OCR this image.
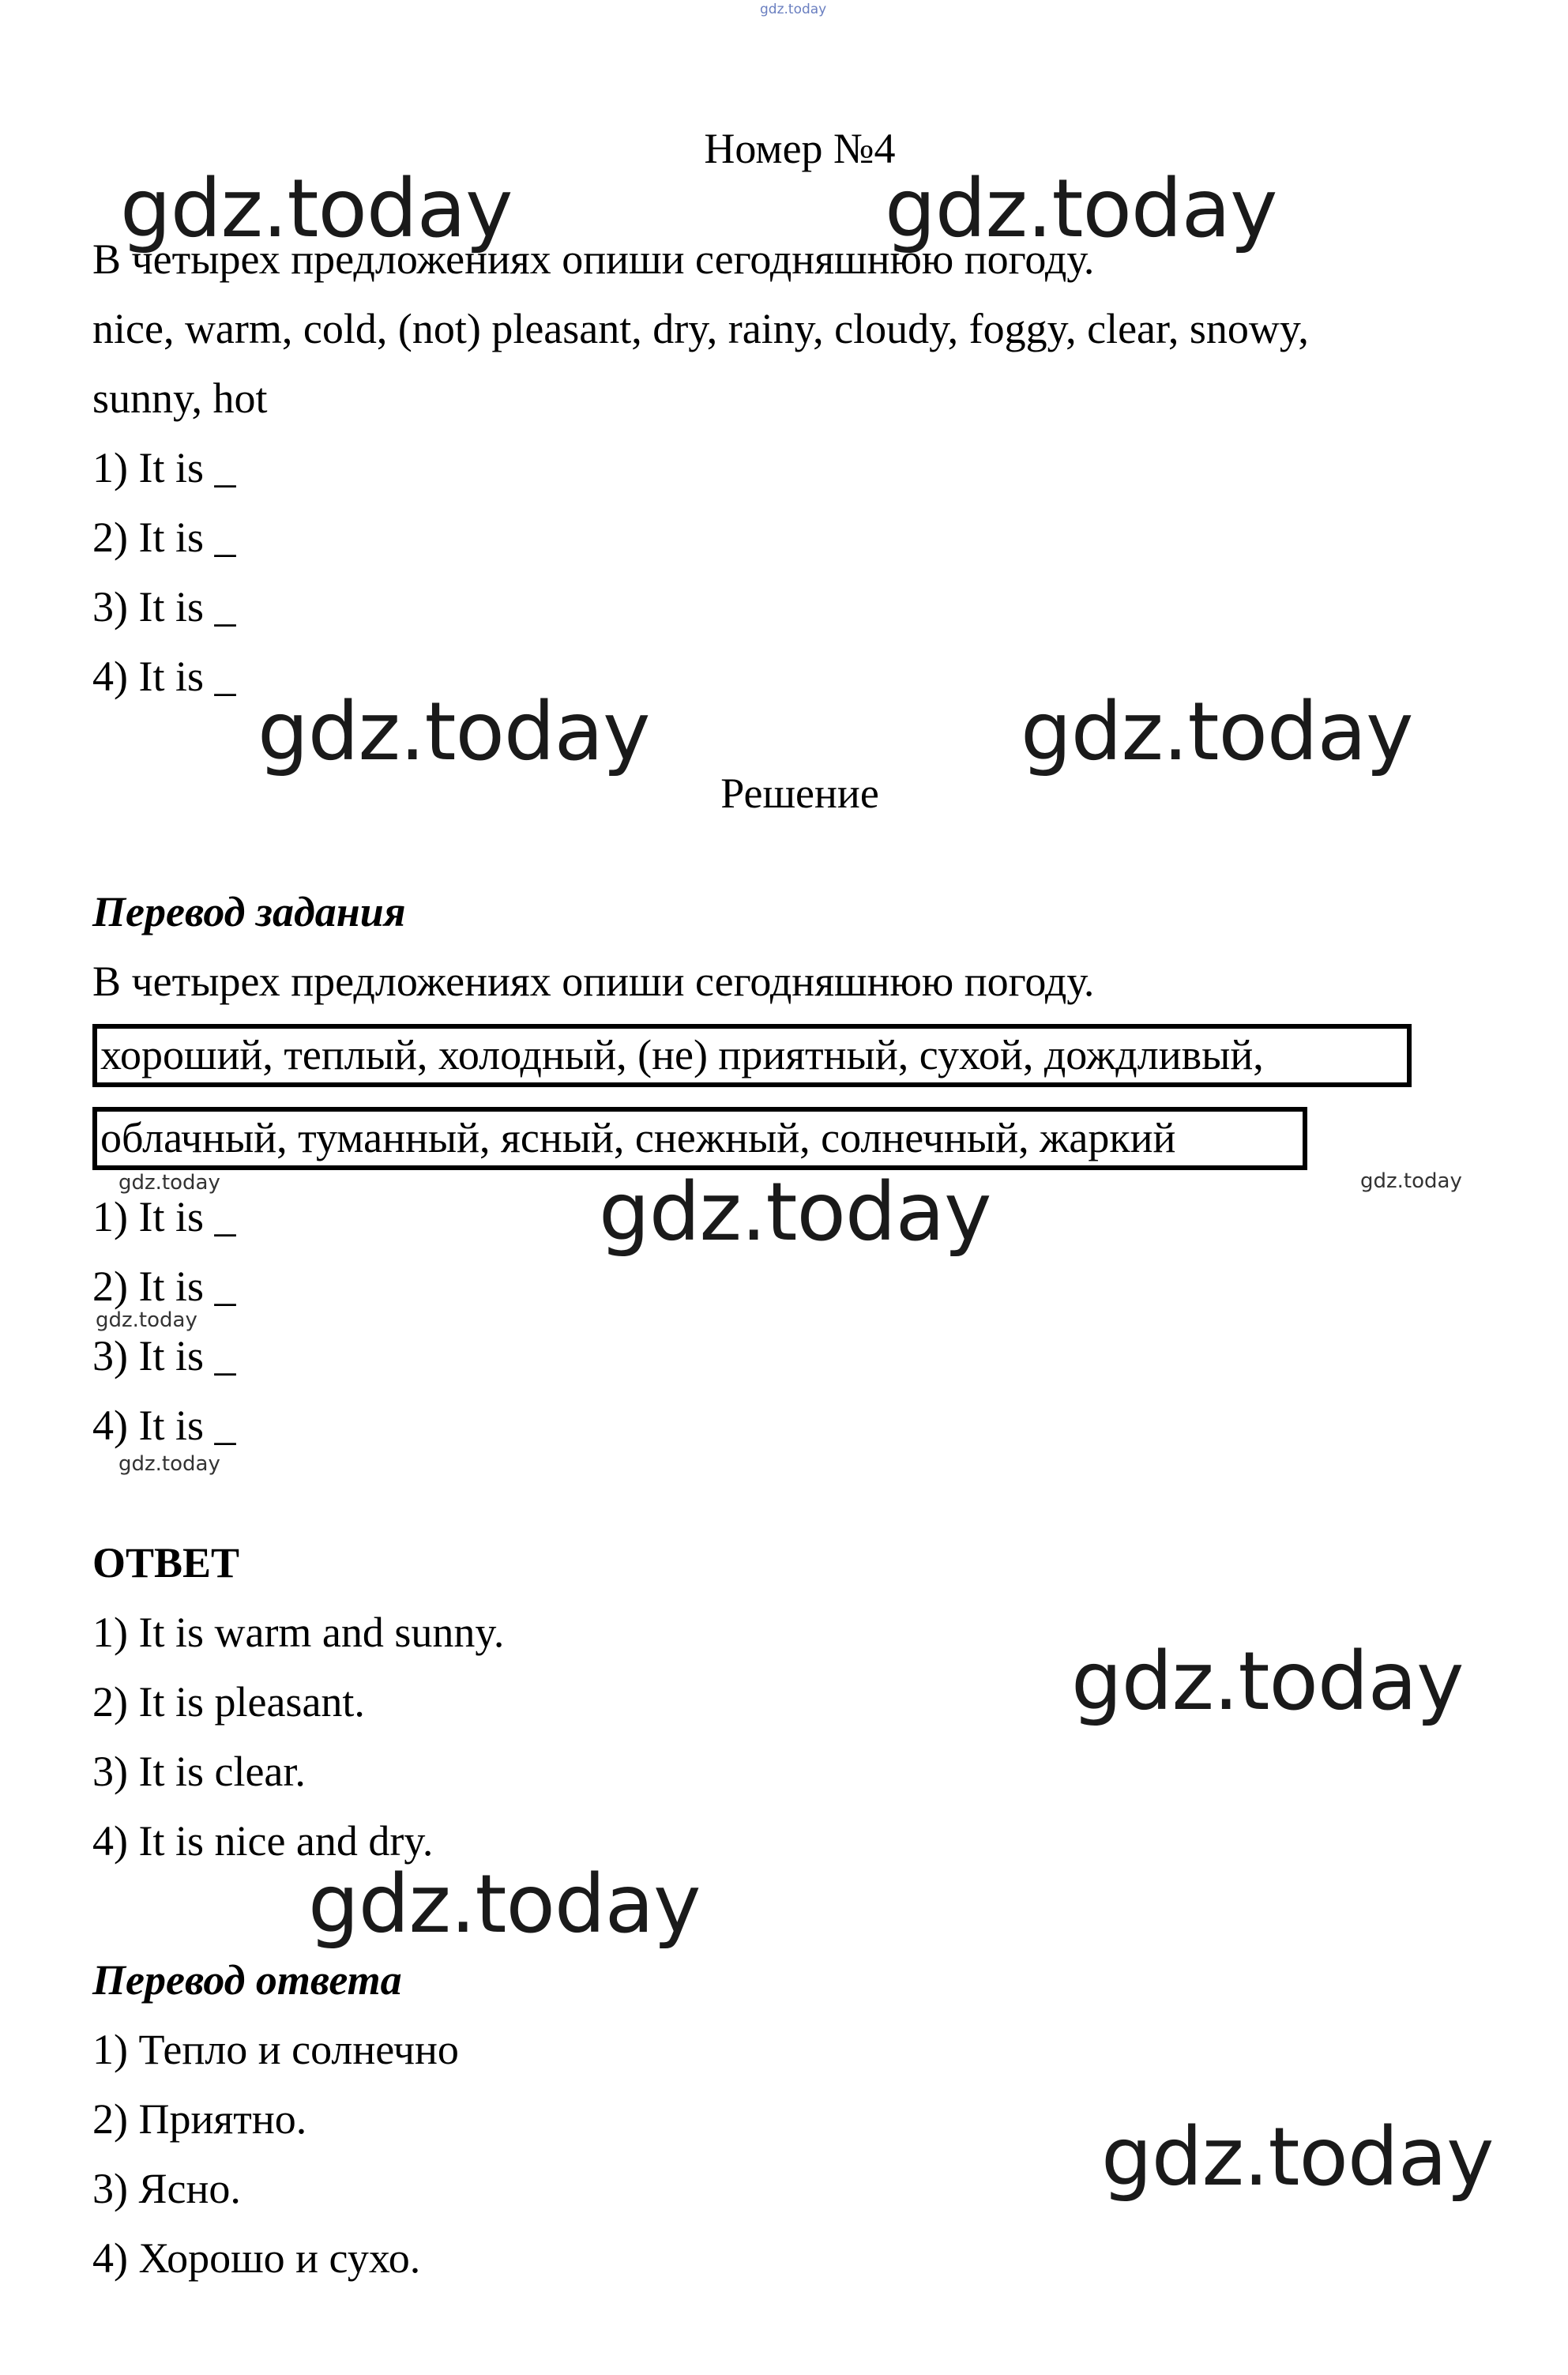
gdz.today
Номер №4
В четырех предложениях опиши сегодняшнюю погоду.
nice, warm, cold, (not) pleasant, dry, rainy, cloudy, foggy, clear, snowy,
sunny, hot
1) It is _
2) It is _
3) It is _
4) It is _
Решение
Перевод задания
В четырех предложениях опиши сегодняшнюю погоду.
хороший, теплый, холодный, (не) приятный, сухой, дождливый,
облачный, туманный, ясный, снежный, солнечный, жаркий
1) It is _
2) It is _
3) It is _
4) It is _
ОТВЕТ
1) It is warm and sunny.
2) It is pleasant.
3) It is clear.
4) It is nice and dry.
Перевод ответа
1) Тепло и солнечно
2) Приятно.
3) Ясно.
4) Хорошо и сухо.
gdz.today	gdz.today
gdz.today	gdz.today
gdz.today
gdz.today
gdz.today
gdz.today
gdz.today	gdz.today
gdz.today
gdz.today
